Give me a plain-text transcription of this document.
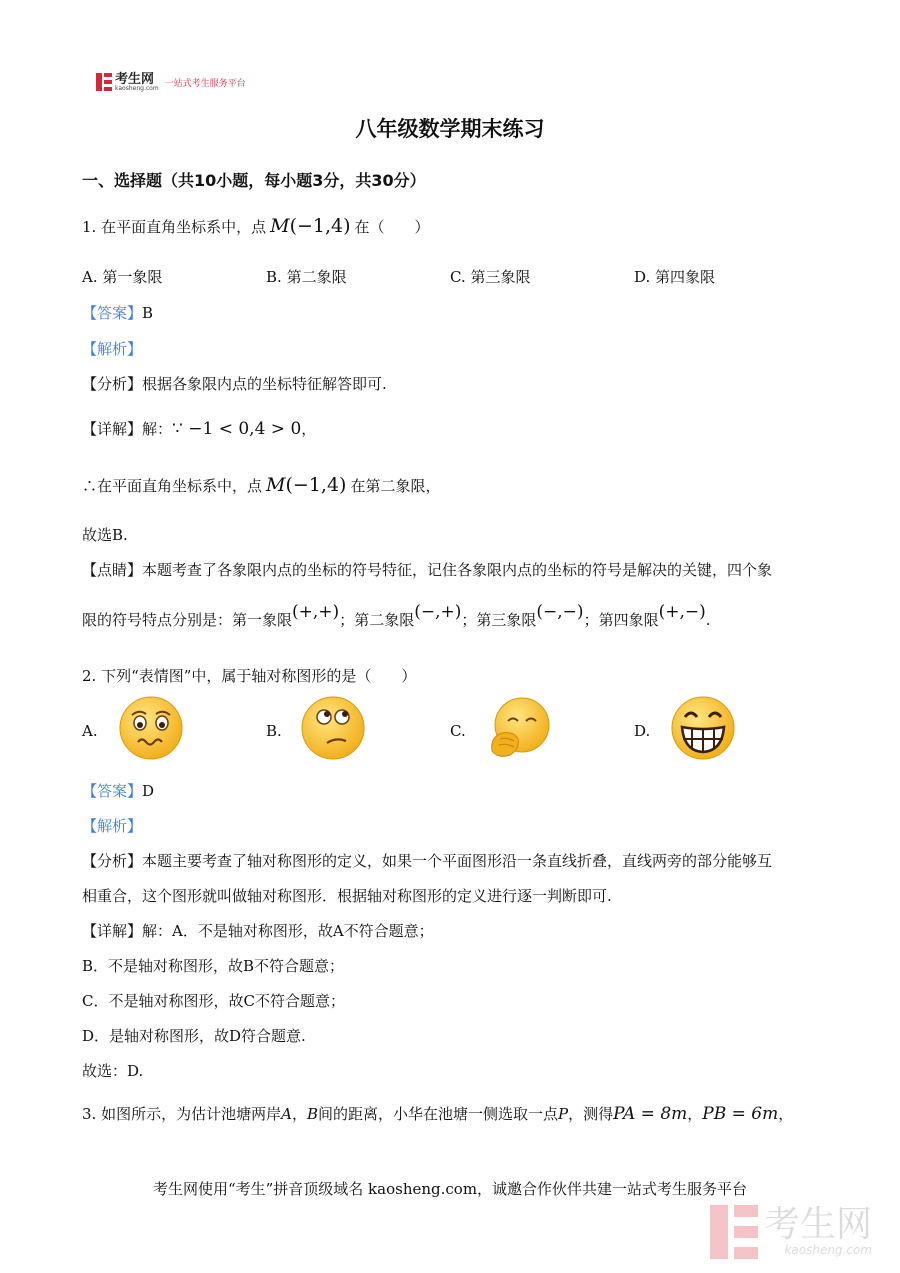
考生网
kaosheng.com 一站式考生服务平台
八年级数学期末练习
一、选择题（共10小题，每小题3分，共30分）
1. 在平面直角坐标系中，点 M(−1,4) 在（　　）
A. 第一象限	B. 第二象限	C. 第三象限	D. 第四象限
【答案】B
【解析】
【分析】根据各象限内点的坐标特征解答即可.
【详解】解：∵ −1 < 0,4 > 0，
∴在平面直角坐标系中，点 M(−1,4) 在第二象限，
故选B.
【点睛】本题考查了各象限内点的坐标的符号特征，记住各象限内点的坐标的符号是解决的关键，四个象
限的符号特点分别是：第一象限(+,+)；第二象限(−,+)；第三象限(−,−)；第四象限(+,−).
2. 下列“表情图”中，属于轴对称图形的是（　　）
A.	B.	C.	D.
【答案】D
【解析】
【分析】本题主要考查了轴对称图形的定义，如果一个平面图形沿一条直线折叠，直线两旁的部分能够互
相重合，这个图形就叫做轴对称图形．根据轴对称图形的定义进行逐一判断即可.
【详解】解：A．不是轴对称图形，故A不符合题意；
B．不是轴对称图形，故B不符合题意；
C．不是轴对称图形，故C不符合题意；
D．是轴对称图形，故D符合题意.
故选：D.
3. 如图所示，为估计池塘两岸A，B间的距离，小华在池塘一侧选取一点P，测得PA = 8m，PB = 6m，
考生网使用“考生”拼音顶级域名 kaosheng.com，诚邀合作伙伴共建一站式考生服务平台
考生网
kaosheng.com
